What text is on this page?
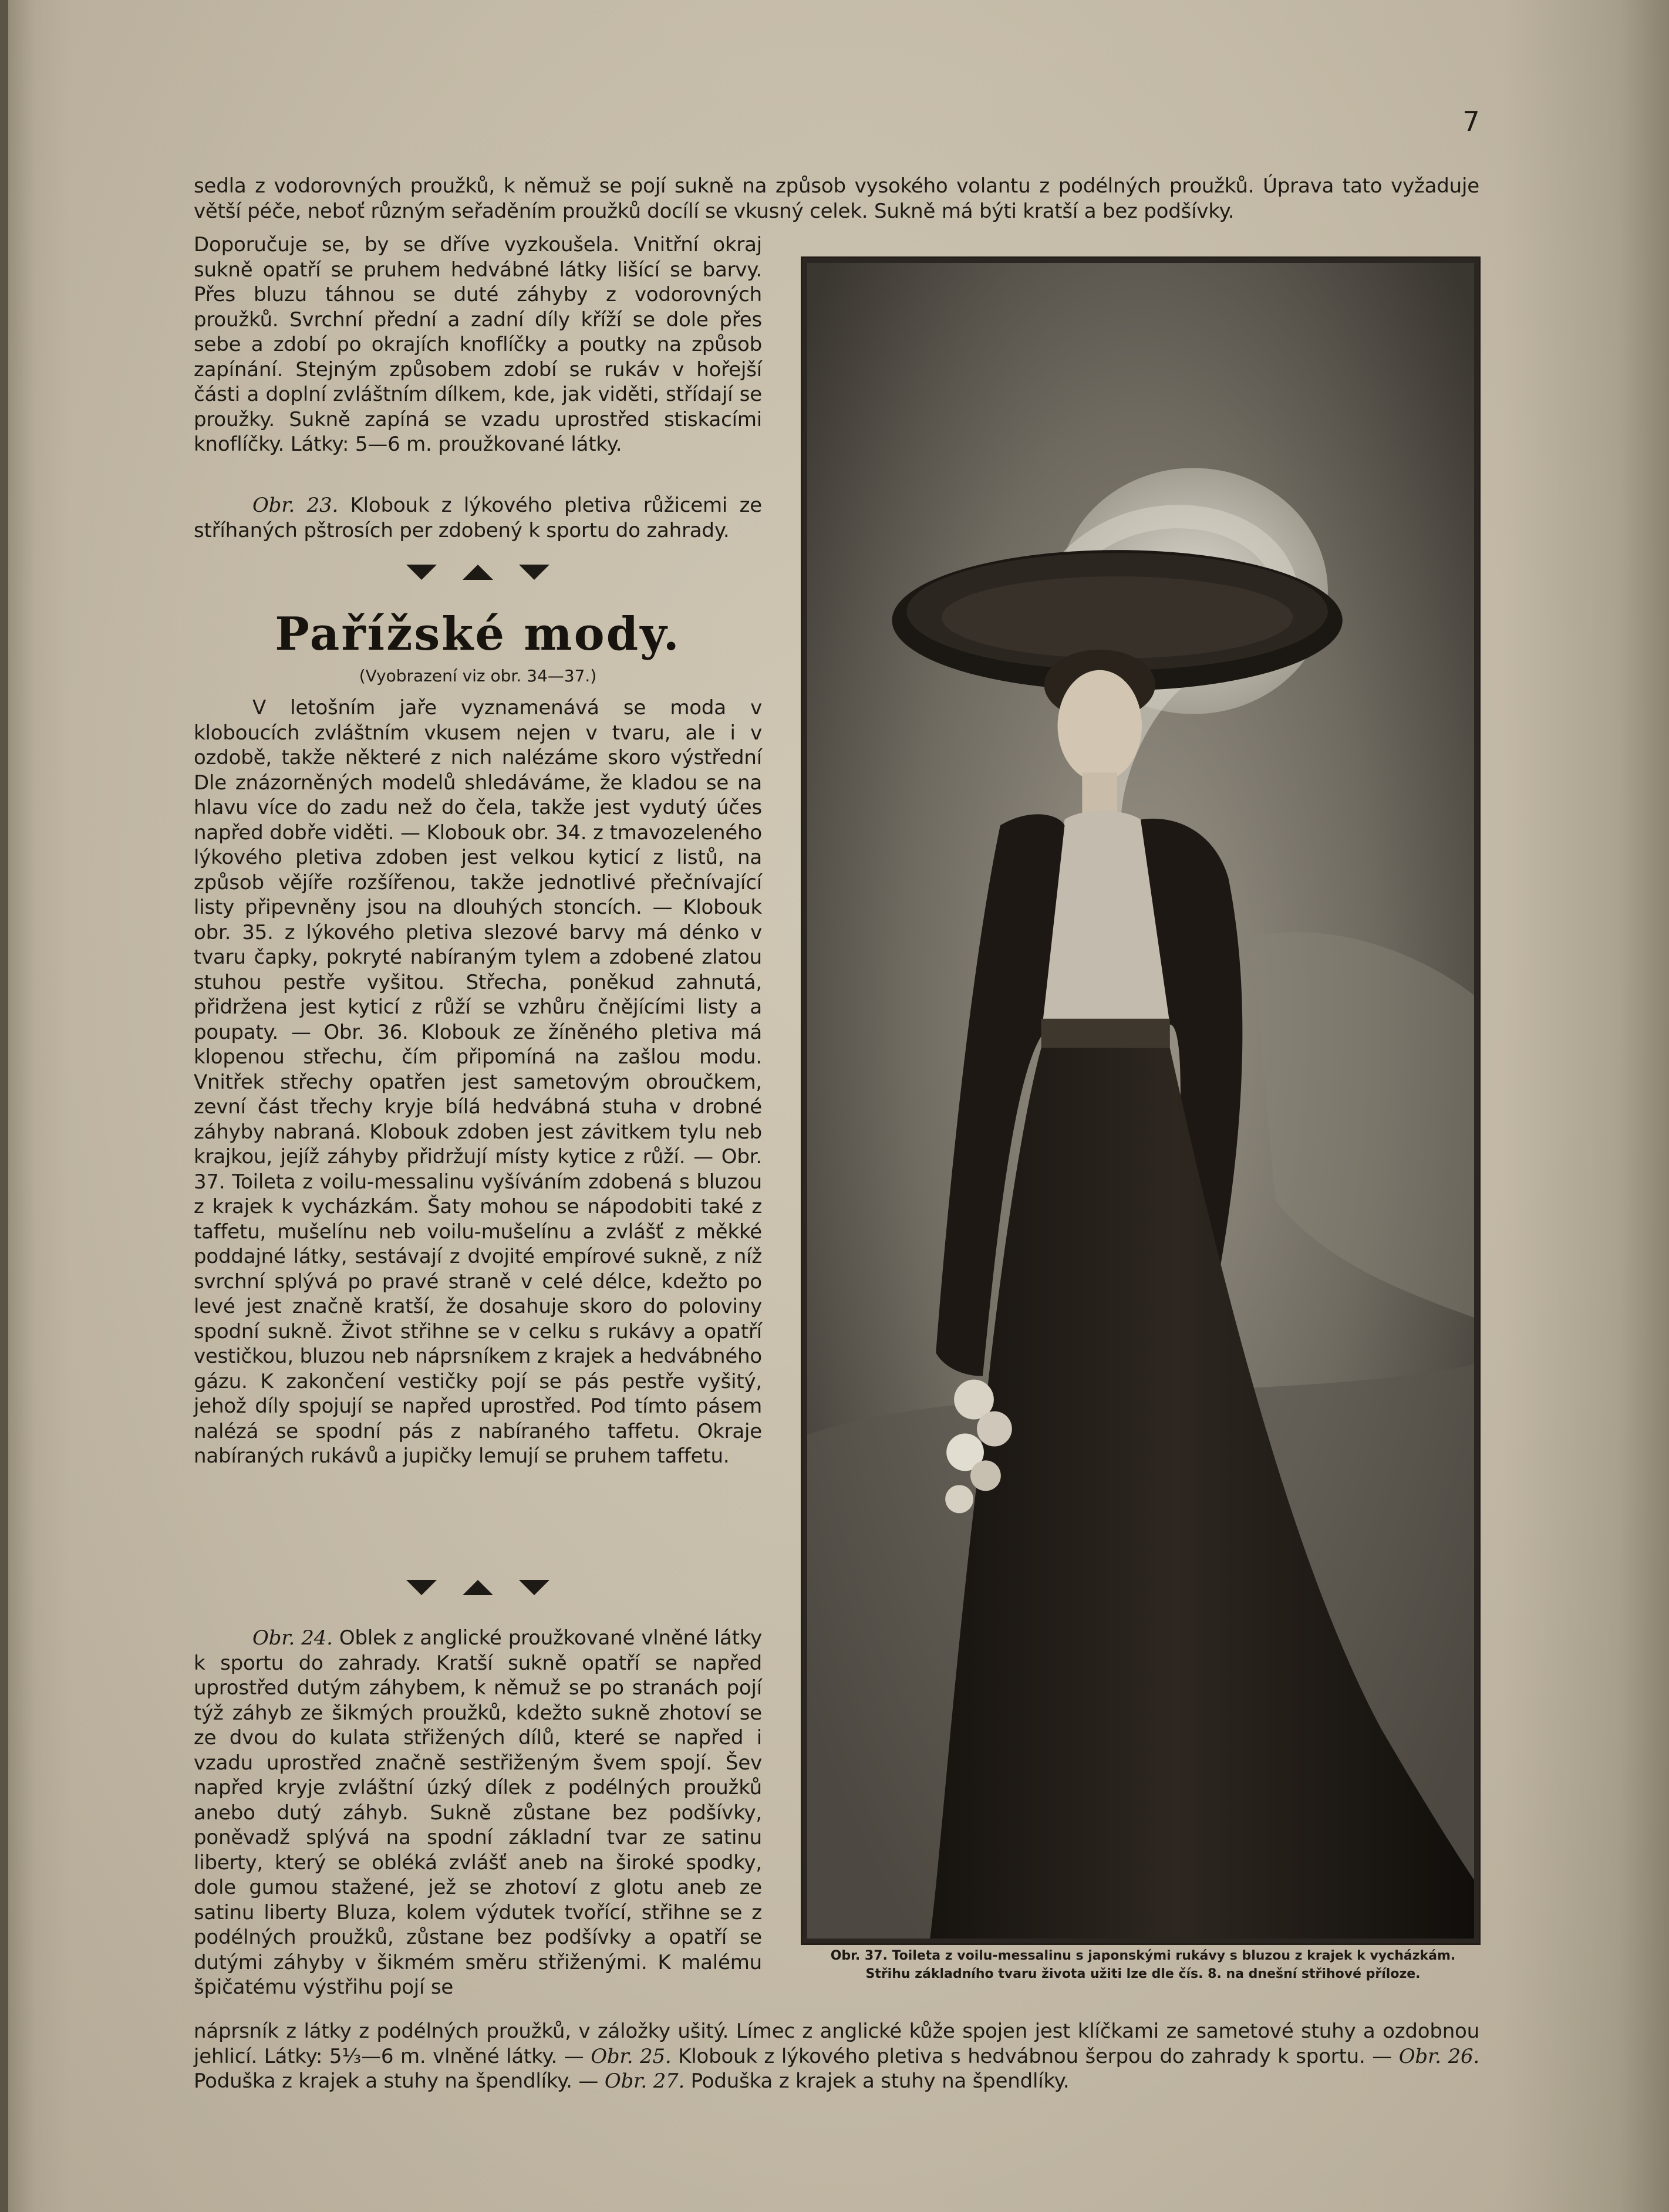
7

sedla z vodorovných proužků, k němuž se pojí sukně na způsob vysokého volantu z podélných proužků. Úprava tato vyžaduje větší péče, neboť různým seřaděním proužků docílí se vkusný celek. Sukně má býti kratší a bez podšívky.

Doporučuje se, by se dříve vyzkoušela. Vnitřní okraj sukně opatří se pruhem hedvábné látky lišící se barvy. Přes bluzu táhnou se duté záhyby z vodorovných proužků. Svrchní přední a zadní díly kříží se dole přes sebe a zdobí po okrajích knoflíčky a poutky na způsob zapínání. Stejným způsobem zdobí se rukáv v hořejší části a doplní zvláštním dílkem, kde, jak viděti, střídají se proužky. Sukně zapíná se vzadu uprostřed stiskacími knoflíčky. Látky: 5—6 m. proužkované látky.

Obr. 23. Klobouk z lýkového pletiva růžicemi ze stříhaných pštrosích per zdobený k sportu do zahrady.

Pařížské mody.

(Vyobrazení viz obr. 34—37.)

V letošním jaře vyznamenává se moda v kloboucích zvláštním vkusem nejen v tvaru, ale i v ozdobě, takže některé z nich nalézáme skoro výstřední Dle znázorněných modelů shledáváme, že kladou se na hlavu více do zadu než do čela, takže jest vydutý účes napřed dobře viděti. — Klobouk obr. 34. z tmavozeleného lýkového pletiva zdoben jest velkou kyticí z listů, na způsob vějíře rozšířenou, takže jednotlivé přečnívající listy připevněny jsou na dlouhých stoncích. — Klobouk obr. 35. z lýkového pletiva slezové barvy má dénko v tvaru čapky, pokryté nabíraným tylem a zdobené zlatou stuhou pestře vyšitou. Střecha, poněkud zahnutá, přidržena jest kyticí z růží se vzhůru čnějícími listy a poupaty. — Obr. 36. Klobouk ze žíněného pletiva má klopenou střechu, čím připomíná na zašlou modu. Vnitřek střechy opatřen jest sametovým obroučkem, zevní část třechy kryje bílá hedvábná stuha v drobné záhyby nabraná. Klobouk zdoben jest závitkem tylu neb krajkou, jejíž záhyby přidržují místy kytice z růží. — Obr. 37. Toileta z voilu-messalinu vyšíváním zdobená s bluzou z krajek k vycházkám. Šaty mohou se nápodobiti také z taffetu, mušelínu neb voilu-mušelínu a zvlášť z měkké poddajné látky, sestávají z dvojité empírové sukně, z níž svrchní splývá po pravé straně v celé délce, kdežto po levé jest značně kratší, že dosahuje skoro do poloviny spodní sukně. Život střihne se v celku s rukávy a opatří vestičkou, bluzou neb náprsníkem z krajek a hedvábného gázu. K zakončení vestičky pojí se pás pestře vyšitý, jehož díly spojují se napřed uprostřed. Pod tímto pásem nalézá se spodní pás z nabíraného taffetu. Okraje nabíraných rukávů a jupičky lemují se pruhem taffetu.

Obr. 24. Oblek z anglické proužkované vlněné látky k sportu do zahrady. Kratší sukně opatří se napřed uprostřed dutým záhybem, k němuž se po stranách pojí týž záhyb ze šikmých proužků, kdežto sukně zhotoví se ze dvou do kulata střižených dílů, které se napřed i vzadu uprostřed značně sestřiženým švem spojí. Šev napřed kryje zvláštní úzký dílek z podélných proužků anebo dutý záhyb. Sukně zůstane bez podšívky, poněvadž splývá na spodní základní tvar ze satinu liberty, který se obléká zvlášť aneb na široké spodky, dole gumou stažené, jež se zhotoví z glotu aneb ze satinu liberty Bluza, kolem výdutek tvořící, střihne se z podélných proužků, zůstane bez podšívky a opatří se dutými záhyby v šikmém směru střiženými. K malému špičatému výstřihu pojí se

náprsník z látky z podélných proužků, v záložky ušitý. Límec z anglické kůže spojen jest klíčkami ze sametové stuhy a ozdobnou jehlicí. Látky: 5⅓—6 m. vlněné látky. — Obr. 25. Klobouk z lýkového pletiva s hedvábnou šerpou do zahrady k sportu. — Obr. 26. Poduška z krajek a stuhy na špendlíky. — Obr. 27. Poduška z krajek a stuhy na špendlíky.

Obr. 37. Toileta z voilu-messalinu s japonskými rukávy s bluzou z krajek k vycházkám.
Střihu základního tvaru života užiti lze dle čís. 8. na dnešní střihové příloze.
